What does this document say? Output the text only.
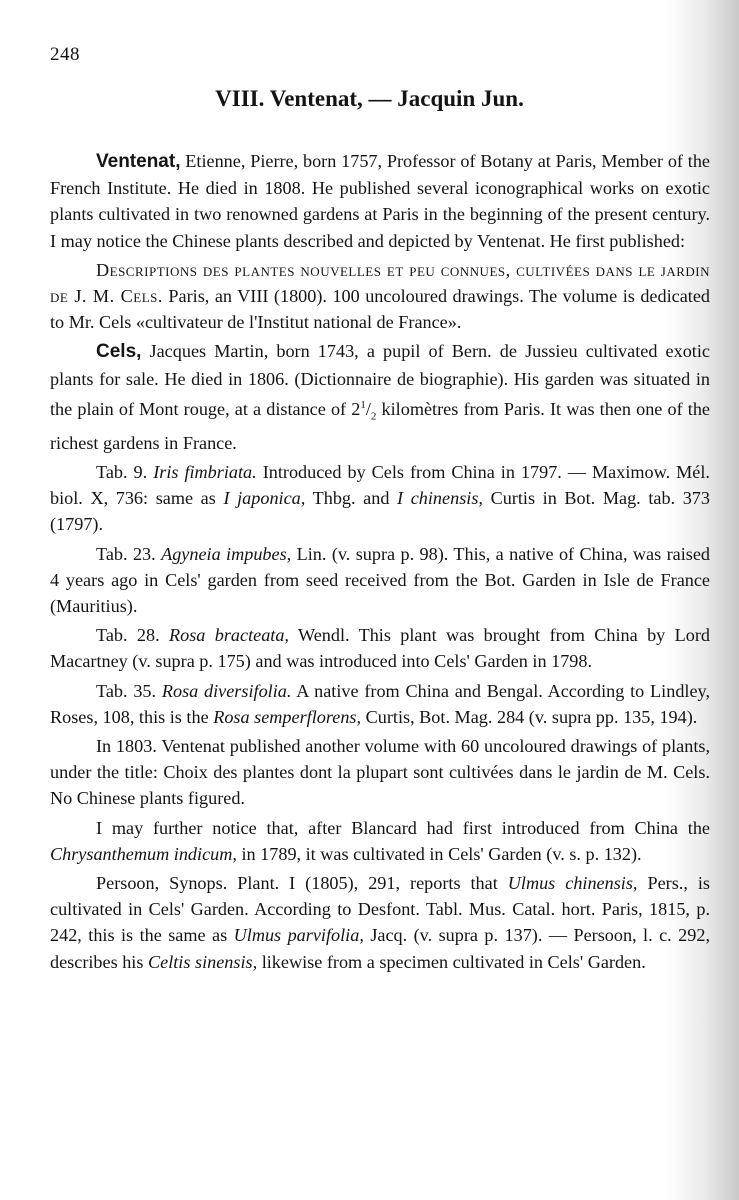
248
VIII. Ventenat, — Jacquin Jun.

Ventenat, Etienne, Pierre, born 1757, Professor of Botany at Paris, Member of the French Institute. He died in 1808. He published several iconographical works on exotic plants cultivated in two renowned gardens at Paris in the beginning of the present century. I may notice the Chinese plants described and depicted by Ventenat. He first published:

Descriptions des plantes nouvelles et peu connues, cultivées dans le jardin de J. M. Cels. Paris, an VIII (1800). 100 uncoloured drawings. The volume is dedicated to Mr. Cels «cultivateur de l'Institut national de France».

Cels, Jacques Martin, born 1743, a pupil of Bern. de Jussieu cultivated exotic plants for sale. He died in 1806. (Dictionnaire de biographie). His garden was situated in the plain of Mont rouge, at a distance of $2^1/_2$ kilomètres from Paris. It was then one of the richest gardens in France.

Tab. 9. Iris fimbriata. Introduced by Cels from China in 1797. — Maximow. Mél. biol. X, 736: same as I japonica, Thbg. and I chinensis, Curtis in Bot. Mag. tab. 373 (1797).

Tab. 23. Agyneia impubes, Lin. (v. supra p. 98). This, a native of China, was raised 4 years ago in Cels' garden from seed received from the Bot. Garden in Isle de France (Mauritius).

Tab. 28. Rosa bracteata, Wendl. This plant was brought from China by Lord Macartney (v. supra p. 175) and was introduced into Cels' Garden in 1798.

Tab. 35. Rosa diversifolia. A native from China and Bengal. According to Lindley, Roses, 108, this is the Rosa semperflorens, Curtis, Bot. Mag. 284 (v. supra pp. 135, 194).

In 1803. Ventenat published another volume with 60 uncoloured drawings of plants, under the title: Choix des plantes dont la plupart sont cultivées dans le jardin de M. Cels. No Chinese plants figured.

I may further notice that, after Blancard had first introduced from China the Chrysanthemum indicum, in 1789, it was cultivated in Cels' Garden (v. s. p. 132).

Persoon, Synops. Plant. I (1805), 291, reports that Ulmus chinensis, Pers., is cultivated in Cels' Garden. According to Desfont. Tabl. Mus. Catal. hort. Paris, 1815, p. 242, this is the same as Ulmus parvifolia, Jacq. (v. supra p. 137). — Persoon, l. c. 292, describes his Celtis sinensis, likewise from a specimen cultivated in Cels' Garden.
